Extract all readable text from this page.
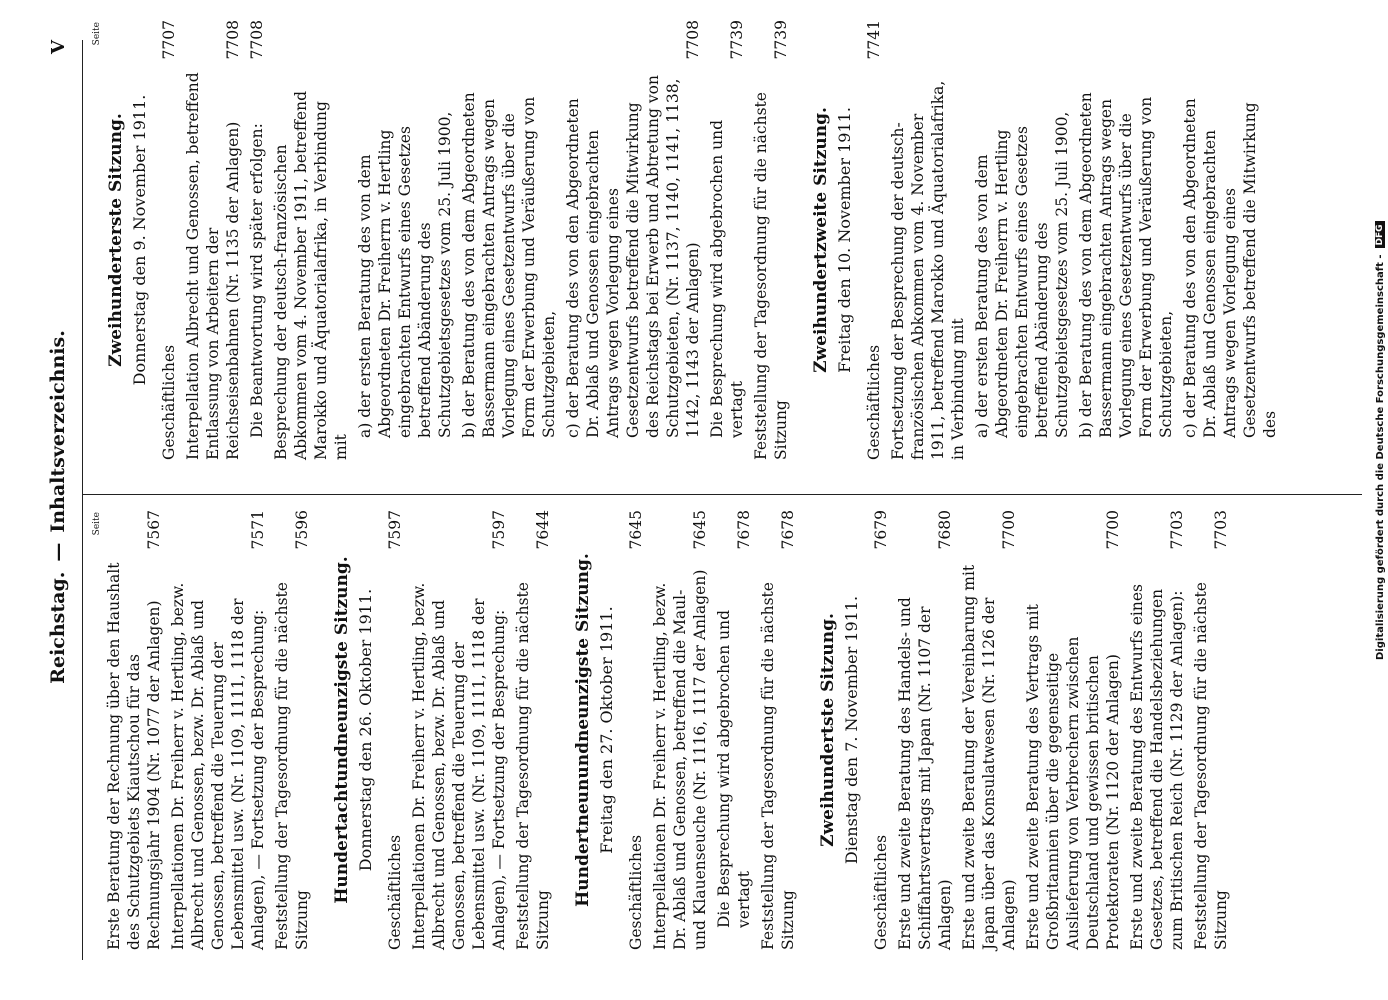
Reichstag.
—
Inhaltsverzeichnis.
V
Seite
Erste Beratung der Rechnung über den Haushalt des Schutzgebiets Kiautschou für das Rechnungsjahr 1904 (Nr. 1077 der Anlagen)
7567
Interpellationen Dr. Freiherr v. Hertling, bezw. Albrecht und Genossen, bezw. Dr. Ablaß und Genossen, betreffend die Teuerung der Lebensmittel usw. (Nr. 1109, 1111, 1118 der Anlagen), — Fortsetzung der Besprechung:
7571
Feststellung der Tagesordnung für die nächste Sitzung
7596
Hundertachtundneunzigste Sitzung. Donnerstag den 26. Oktober 1911.
Geschäftliches
7597
Interpellationen Dr. Freiherr v. Hertling, bezw. Albrecht und Genossen, bezw. Dr. Ablaß und Genossen, betreffend die Teuerung der Lebensmittel usw. (Nr. 1109, 1111, 1118 der Anlagen), — Fortsetzung der Besprechung:
7597
Feststellung der Tagesordnung für die nächste Sitzung
7644
Hundertneunundneunzigste Sitzung. Freitag den 27. Oktober 1911.
Geschäftliches
7645
Interpellationen Dr. Freiherr v. Hertling, bezw. Dr. Ablaß und Genossen, betreffend die Maul- und Klauenseuche (Nr. 1116, 1117 der Anlagen)
7645
Die Besprechung wird abgebrochen und vertagt
7678
Feststellung der Tagesordnung für die nächste Sitzung
7678
Zweihundertste Sitzung. Dienstag den 7. November 1911.
Geschäftliches
7679
Erste und zweite Beratung des Handels- und Schiffahrtsvertrags mit Japan (Nr. 1107 der Anlagen)
7680
Erste und zweite Beratung der Vereinbarung mit Japan über das Konsulatwesen (Nr. 1126 der Anlagen)
7700
Erste und zweite Beratung des Vertrags mit Großbritannien über die gegenseitige Auslieferung von Verbrechern zwischen Deutschland und gewissen britischen Protektoraten (Nr. 1120 der Anlagen)
7700
Erste und zweite Beratung des Entwurfs eines Gesetzes, betreffend die Handelsbeziehungen zum Britischen Reich (Nr. 1129 der Anlagen):
7703
Feststellung der Tagesordnung für die nächste Sitzung
7703
Seite
Zweihunderterste Sitzung. Donnerstag den 9. November 1911.
Geschäftliches
7707
Interpellation Albrecht und Genossen, betreffend Entlassung von Arbeitern der Reichseisenbahnen (Nr. 1135 der Anlagen)
7708
Die Beantwortung wird später erfolgen:
7708
Besprechung der deutsch-französischen Abkommen vom 4. November 1911, betreffend Marokko und Äquatorialafrika, in Verbindung mit
a) der ersten Beratung des von dem Abgeordneten Dr. Freiherrn v. Hertling eingebrachten Entwurfs eines Gesetzes betreffend Abänderung des Schutzgebietsgesetzes vom 25. Juli 1900, b) der Beratung des von dem Abgeordneten Bassermann eingebrachten Antrags wegen Vorlegung eines Gesetzentwurfs über die Form der Erwerbung und Veräußerung von Schutzgebieten, c) der Beratung des von den Abgeordneten Dr. Ablaß und Genossen eingebrachten Antrags wegen Vorlegung eines Gesetzentwurfs betreffend die Mitwirkung des Reichstags bei Erwerb und Abtretung von Schutzgebieten, (Nr. 1137, 1140, 1141, 1138, 1142, 1143 der Anlagen)
7708
Die Besprechung wird abgebrochen und vertagt
7739
Feststellung der Tagesordnung für die nächste Sitzung
7739
Zweihundertzweite Sitzung. Freitag den 10. November 1911.
Geschäftliches
7741
Fortsetzung der Besprechung der deutsch-französischen Abkommen vom 4. November 1911, betreffend Marokko und Äquatorialafrika, in Verbindung mit a) der ersten Beratung des von dem Abgeordneten Dr. Freiherrn v. Hertling eingebrachten Entwurfs eines Gesetzes betreffend Abänderung des Schutzgebietsgesetzes vom 25. Juli 1900, b) der Beratung des von dem Abgeordneten Bassermann eingebrachten Antrags wegen Vorlegung eines Gesetzentwurfs über die Form der Erwerbung und Veräußerung von Schutzgebieten, c) der Beratung des von den Abgeordneten Dr. Ablaß und Genossen eingebrachten Antrags wegen Vorlegung eines Gesetzentwurfs betreffend die Mitwirkung des	Digitalisierung gefördert durch die Deutsche Forschungsgemeinschaft -
DFG
